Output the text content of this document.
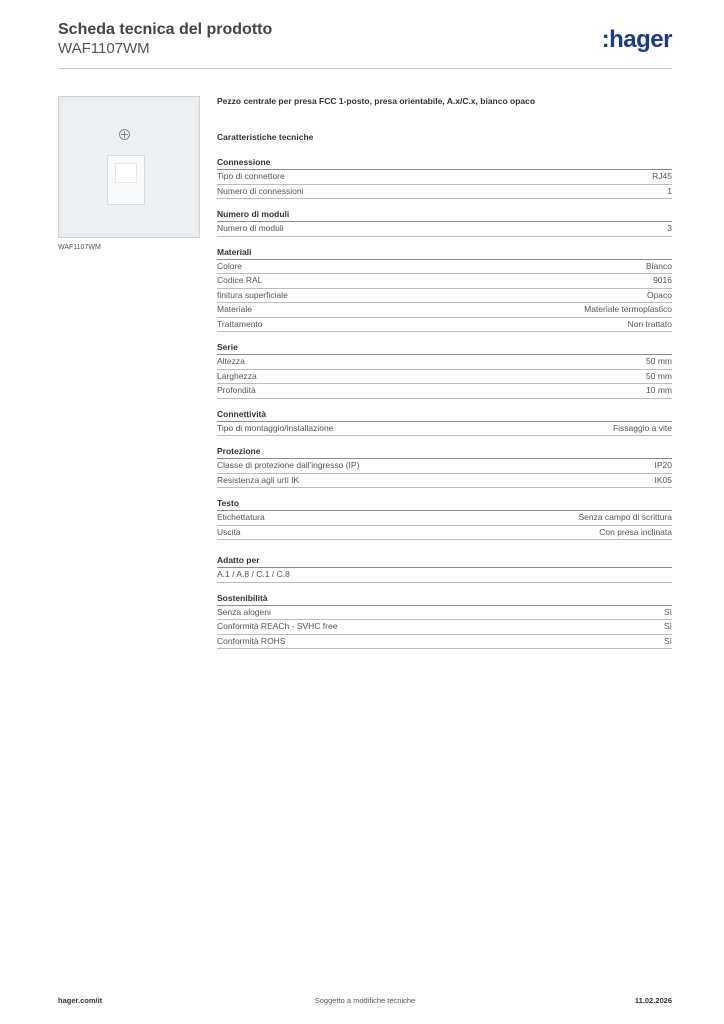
Scheda tecnica del prodotto
WAF1107WM	:hager
WAF1107WM
Pezzo centrale per presa FCC 1-posto, presa orientabile, A.x/C.x, bianco opaco
Caratteristiche tecniche
Connessione
Tipo di connettore	RJ45
Numero di connessioni	1
Numero di moduli
Numero di moduli	3
Materiali
Colore	Bianco
Codice RAL	9016
finitura superficiale	Opaco
Materiale	Materiale termoplastico
Trattamento	Non trattato
Serie
Altezza	50 mm
Larghezza	50 mm
Profondità	10 mm
Connettività
Tipo di montaggio/installazione	Fissaggio a vite
Protezione
Classe di protezione dall'ingresso (IP)	IP20
Resistenza agli urti IK	IK05
Testo
Etichettatura	Senza campo di scrittura
Uscita	Con presa inclinata
Adatto per
A.1 / A.8 / C.1 / C.8
Sostenibilità
Senza alogeni	Sì
Conformità REACh - SVHC free	Sì
Conformità ROHS	Sì
hager.com/it	Soggetto a modifiche tecniche	11.02.2026
